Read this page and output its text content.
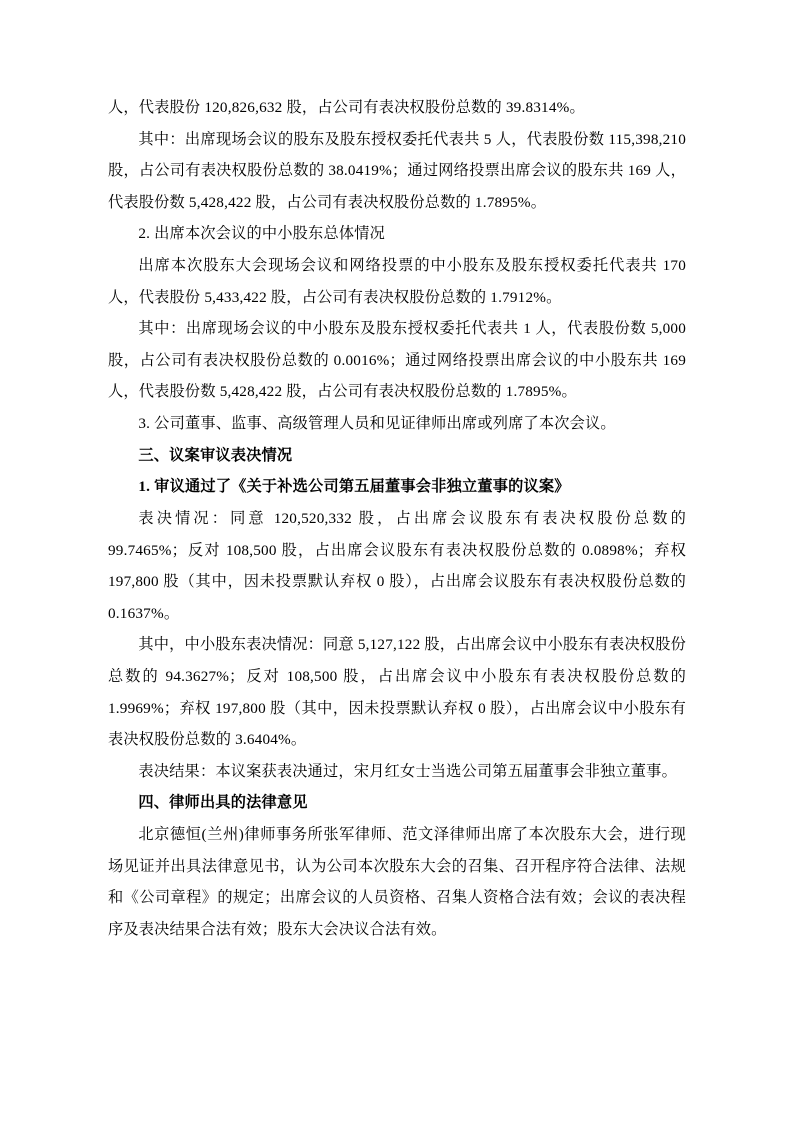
人，代表股份 120,826,632 股，占公司有表决权股份总数的 39.8314%。

其中：出席现场会议的股东及股东授权委托代表共 5 人，代表股份数 115,398,210 股，占公司有表决权股份总数的 38.0419%；通过网络投票出席会议的股东共 169 人，代表股份数 5,428,422 股，占公司有表决权股份总数的 1.7895%。

2. 出席本次会议的中小股东总体情况

出席本次股东大会现场会议和网络投票的中小股东及股东授权委托代表共 170 人，代表股份 5,433,422 股，占公司有表决权股份总数的 1.7912%。

其中：出席现场会议的中小股东及股东授权委托代表共 1 人，代表股份数 5,000 股，占公司有表决权股份总数的 0.0016%；通过网络投票出席会议的中小股东共 169 人，代表股份数 5,428,422 股，占公司有表决权股份总数的 1.7895%。

3. 公司董事、监事、高级管理人员和见证律师出席或列席了本次会议。

三、议案审议表决情况

1. 审议通过了《关于补选公司第五届董事会非独立董事的议案》

表决情况：同意 120,520,332 股，占出席会议股东有表决权股份总数的 99.7465%；反对 108,500 股，占出席会议股东有表决权股份总数的 0.0898%；弃权 197,800 股（其中，因未投票默认弃权 0 股），占出席会议股东有表决权股份总数的 0.1637%。

其中，中小股东表决情况：同意 5,127,122 股，占出席会议中小股东有表决权股份总数的 94.3627%；反对 108,500 股，占出席会议中小股东有表决权股份总数的 1.9969%；弃权 197,800 股（其中，因未投票默认弃权 0 股），占出席会议中小股东有表决权股份总数的 3.6404%。

表决结果：本议案获表决通过，宋月红女士当选公司第五届董事会非独立董事。

四、律师出具的法律意见

北京德恒(兰州)律师事务所张军律师、范文泽律师出席了本次股东大会，进行现场见证并出具法律意见书，认为公司本次股东大会的召集、召开程序符合法律、法规和《公司章程》的规定；出席会议的人员资格、召集人资格合法有效；会议的表决程序及表决结果合法有效；股东大会决议合法有效。
